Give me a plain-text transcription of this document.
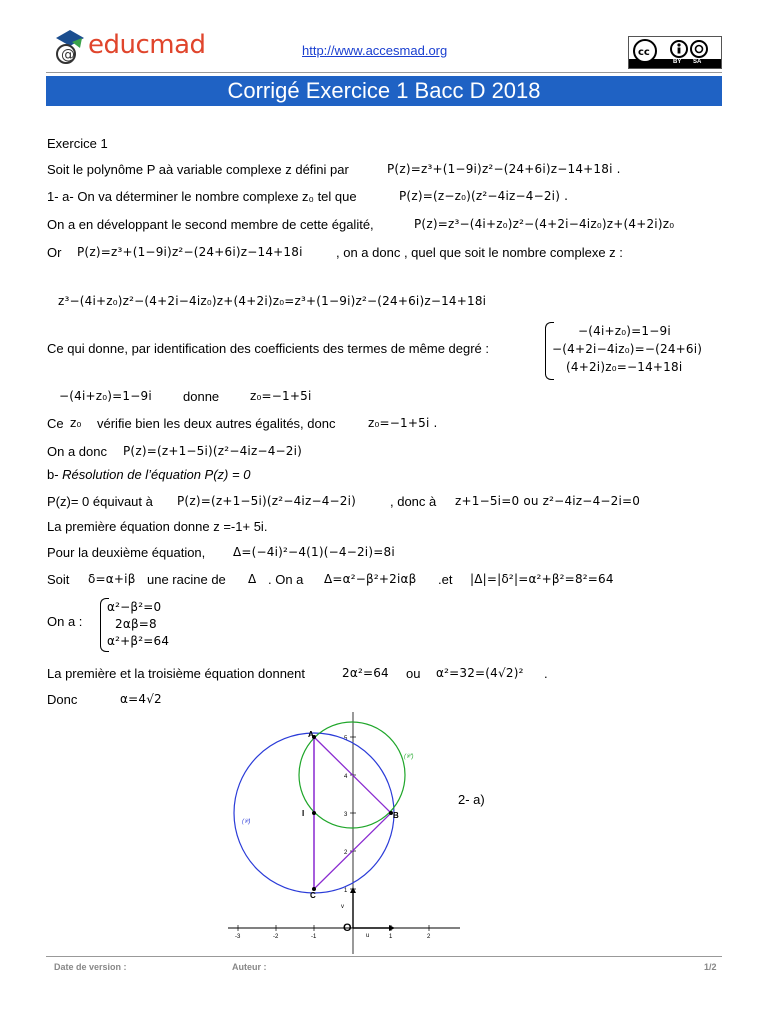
@ educmad	http://www.accesmad.org	cc
BY SA
Corrigé Exercice 1 Bacc D 2018
Exercice 1
Soit le polynôme P aà variable complexe z défini par	P(z)=z³+(1−9i)z²−(24+6i)z−14+18i .
1- a- On va déterminer le nombre complexe z₀ tel que	P(z)=(z−z₀)(z²−4iz−4−2i) .
On a en développant le second membre de cette égalité,	P(z)=z³−(4i+z₀)z²−(4+2i−4iz₀)z+(4+2i)z₀
Or P(z)=z³+(1−9i)z²−(24+6i)z−14+18i	, on a donc , quel que soit le nombre complexe z :
z³−(4i+z₀)z²−(4+2i−4iz₀)z+(4+2i)z₀=z³+(1−9i)z²−(24+6i)z−14+18i
Ce qui donne, par identification des coefficients des termes de même degré :
−(4i+z₀)=1−9i
−(4+2i−4iz₀)=−(24+6i)
(4+2i)z₀=−14+18i
−(4i+z₀)=1−9i donne	z₀=−1+5i
Ce z₀ vérifie bien les deux autres égalités, donc	z₀=−1+5i .
On a donc P(z)=(z+1−5i)(z²−4iz−4−2i)
b- Résolution de l’équation P(z) = 0
P(z)= 0 équivaut à P(z)=(z+1−5i)(z²−4iz−4−2i)	, donc à z+1−5i=0 ou z²−4iz−4−2i=0
La première équation donne z =-1+ 5i.
Pour la deuxième équation, Δ=(−4i)²−4(1)(−4−2i)=8i
Soit δ=α+iβ une racine de Δ . On a Δ=α²−β²+2iαβ .et |Δ|=|δ²|=α²+β²=8²=64
On a :
α²−β²=0
2αβ=8
α²+β²=64
La première et la troisième équation donnent	2α²=64 ou α²=32=(4√2)² .
Donc	α=4√2
2- a)
-3	-2	-1	1	2
5
4
3
2
1
u
v
O
A
I	B
C
(𝒞')
(𝒞)
Date de version :	Auteur :	1/2
